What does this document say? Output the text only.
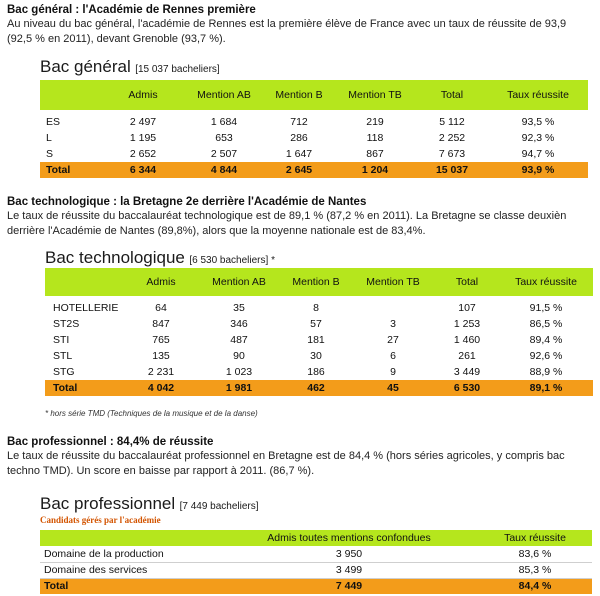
Bac général : l'Académie de Rennes première
Au niveau du bac général, l'académie de Rennes est la première élève de France avec un taux de réussite de 93,9
(92,5 % en 2011), devant Grenoble (93,7 %).
Bac général [15 037 bacheliers]
	Admis	Mention AB	Mention B	Mention TB	Total	Taux réussite

ES	2 497	1 684	712	219	5 112	93,5 %
L	1 195	653	286	118	2 252	92,3 %
S	2 652	2 507	1 647	867	7 673	94,7 %
Total	6 344	4 844	2 645	1 204	15 037	93,9 %
Bac technologique : la Bretagne 2e derrière l'Académie de Nantes
Le taux de réussite du baccalauréat technologique est de 89,1 % (87,2 % en 2011). La Bretagne se classe deuxièn
derrière l'Académie de Nantes (89,8%), alors que la moyenne nationale est de 83,4%.
Bac technologique [6 530 bacheliers] *
	Admis	Mention AB	Mention B	Mention TB	Total	Taux réussite

HOTELLERIE	64	35	8		107	91,5 %
ST2S	847	346	57	3	1 253	86,5 %
STI	765	487	181	27	1 460	89,4 %
STL	135	90	30	6	261	92,6 %
STG	2 231	1 023	186	9	3 449	88,9 %
Total	4 042	1 981	462	45	6 530	89,1 %
* hors série TMD (Techniques de la musique et de la danse)
Bac professionnel : 84,4% de réussite
Le taux de réussite du baccalauréat professionnel en Bretagne est de 84,4 % (hors séries agricoles, y compris bac
techno TMD). Un score en baisse par rapport à 2011. (86,7 %).
Bac professionnel [7 449 bacheliers]
Candidats gérés par l'académie
	Admis toutes mentions confondues	Taux réussite
Domaine de la production	3 950	83,6 %
Domaine des services	3 499	85,3 %
Total	7 449	84,4 %
